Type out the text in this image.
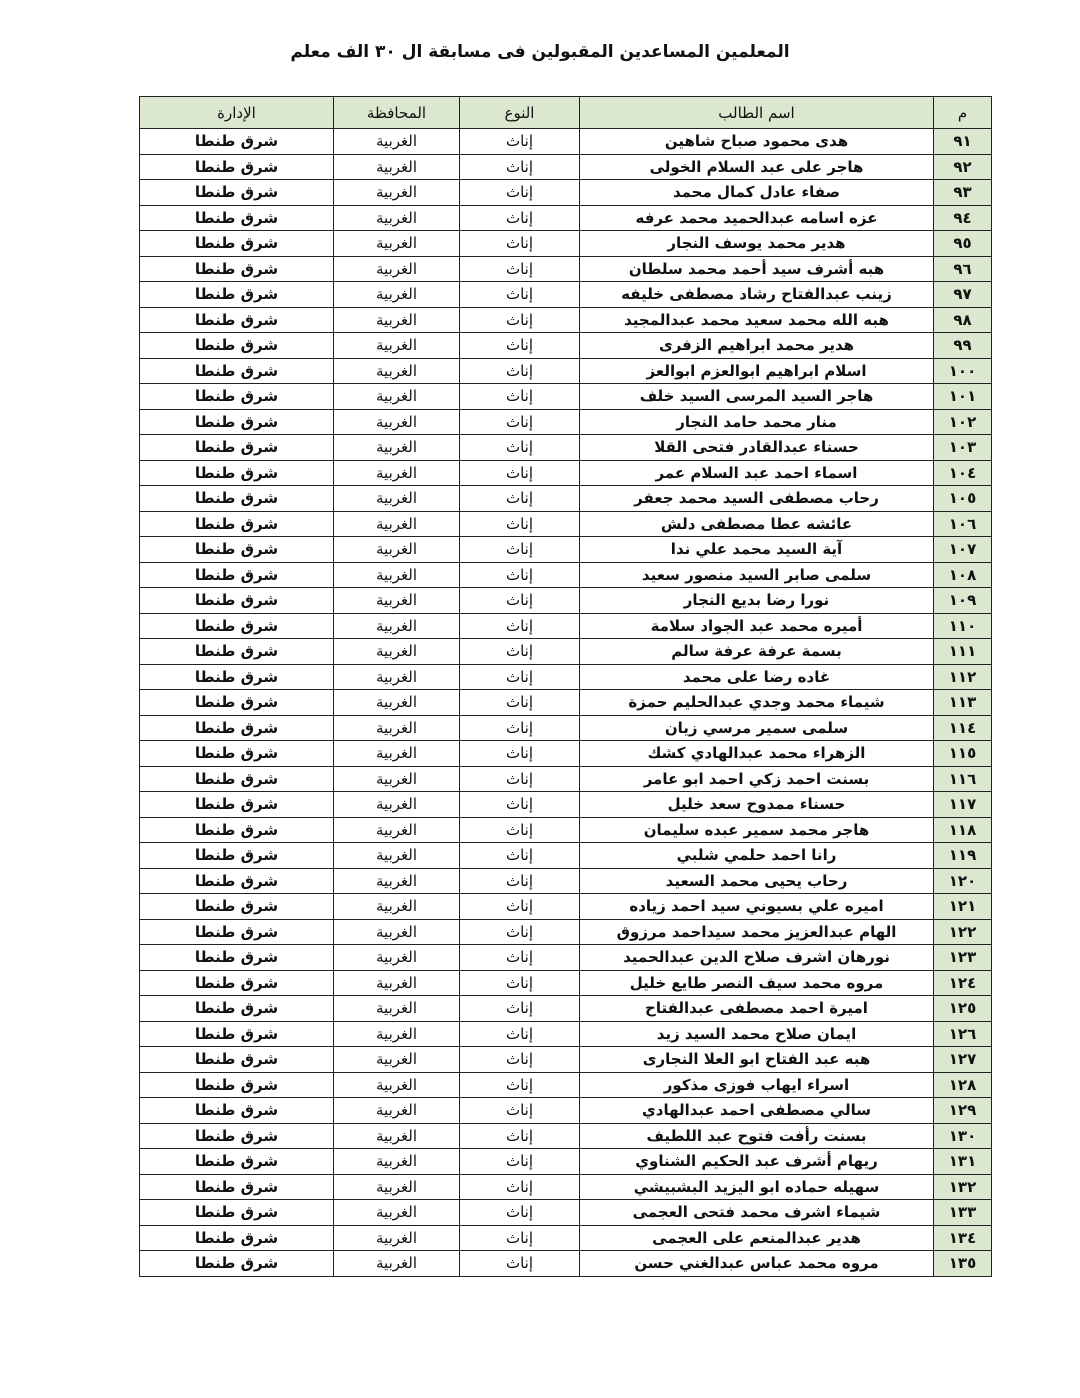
المعلمين المساعدين المقبولين فى مسابقة ال ٣٠ الف معلم
م	اسم الطالب	النوع	المحافظة	الإدارة
٩١	هدى محمود صباح شاهين	إناث	الغربية	شرق طنطا
٩٢	هاجر على عبد السلام الخولى	إناث	الغربية	شرق طنطا
٩٣	صفاء عادل كمال محمد	إناث	الغربية	شرق طنطا
٩٤	عزه اسامه عبدالحميد محمد عرفه	إناث	الغربية	شرق طنطا
٩٥	هدير محمد يوسف النجار	إناث	الغربية	شرق طنطا
٩٦	هبه أشرف سيد أحمد محمد سلطان	إناث	الغربية	شرق طنطا
٩٧	زينب عبدالفتاح رشاد مصطفى خليفه	إناث	الغربية	شرق طنطا
٩٨	هبه الله محمد سعيد محمد عبدالمجيد	إناث	الغربية	شرق طنطا
٩٩	هدير محمد ابراهيم الزفرى	إناث	الغربية	شرق طنطا
١٠٠	اسلام ابراهيم ابوالعزم ابوالعز	إناث	الغربية	شرق طنطا
١٠١	هاجر السيد المرسى السيد خلف	إناث	الغربية	شرق طنطا
١٠٢	منار محمد حامد النجار	إناث	الغربية	شرق طنطا
١٠٣	حسناء عبدالقادر فتحى القلا	إناث	الغربية	شرق طنطا
١٠٤	اسماء احمد عبد السلام عمر	إناث	الغربية	شرق طنطا
١٠٥	رحاب مصطفى السيد محمد جعفر	إناث	الغربية	شرق طنطا
١٠٦	عائشه عطا مصطفى دلش	إناث	الغربية	شرق طنطا
١٠٧	آية السيد محمد علي ندا	إناث	الغربية	شرق طنطا
١٠٨	سلمى صابر السيد منصور سعيد	إناث	الغربية	شرق طنطا
١٠٩	نورا رضا بديع النجار	إناث	الغربية	شرق طنطا
١١٠	أميره محمد عبد الجواد سلامة	إناث	الغربية	شرق طنطا
١١١	بسمة عرفة عرفة سالم	إناث	الغربية	شرق طنطا
١١٢	غاده رضا على محمد	إناث	الغربية	شرق طنطا
١١٣	شيماء محمد وجدي عبدالحليم حمزة	إناث	الغربية	شرق طنطا
١١٤	سلمى سمير مرسي زيان	إناث	الغربية	شرق طنطا
١١٥	الزهراء محمد عبدالهادي كشك	إناث	الغربية	شرق طنطا
١١٦	بسنت احمد زكي احمد ابو عامر	إناث	الغربية	شرق طنطا
١١٧	حسناء ممدوح سعد خليل	إناث	الغربية	شرق طنطا
١١٨	هاجر محمد سمير عبده سليمان	إناث	الغربية	شرق طنطا
١١٩	رانا احمد حلمي شلبي	إناث	الغربية	شرق طنطا
١٢٠	رحاب يحيى محمد السعيد	إناث	الغربية	شرق طنطا
١٢١	اميره علي بسيوني سيد احمد زياده	إناث	الغربية	شرق طنطا
١٢٢	الهام عبدالعزيز محمد سيداحمد مرزوق	إناث	الغربية	شرق طنطا
١٢٣	نورهان اشرف صلاح الدين عبدالحميد	إناث	الغربية	شرق طنطا
١٢٤	مروه محمد سيف النصر طايع خليل	إناث	الغربية	شرق طنطا
١٢٥	اميرة احمد مصطفى عبدالفتاح	إناث	الغربية	شرق طنطا
١٢٦	ايمان صلاح محمد السيد زيد	إناث	الغربية	شرق طنطا
١٢٧	هبه عبد الفتاح ابو العلا النجارى	إناث	الغربية	شرق طنطا
١٢٨	اسراء ايهاب فوزى مذكور	إناث	الغربية	شرق طنطا
١٢٩	سالي مصطفى احمد عبدالهادي	إناث	الغربية	شرق طنطا
١٣٠	بسنت رأفت فتوح عبد اللطيف	إناث	الغربية	شرق طنطا
١٣١	ريهام أشرف عبد الحكيم الشناوي	إناث	الغربية	شرق طنطا
١٣٢	سهيله حماده ابو اليزيد البشبيشي	إناث	الغربية	شرق طنطا
١٣٣	شيماء اشرف محمد فتحى العجمى	إناث	الغربية	شرق طنطا
١٣٤	هدير عبدالمنعم على العجمى	إناث	الغربية	شرق طنطا
١٣٥	مروه محمد عباس عبدالغني حسن	إناث	الغربية	شرق طنطا
